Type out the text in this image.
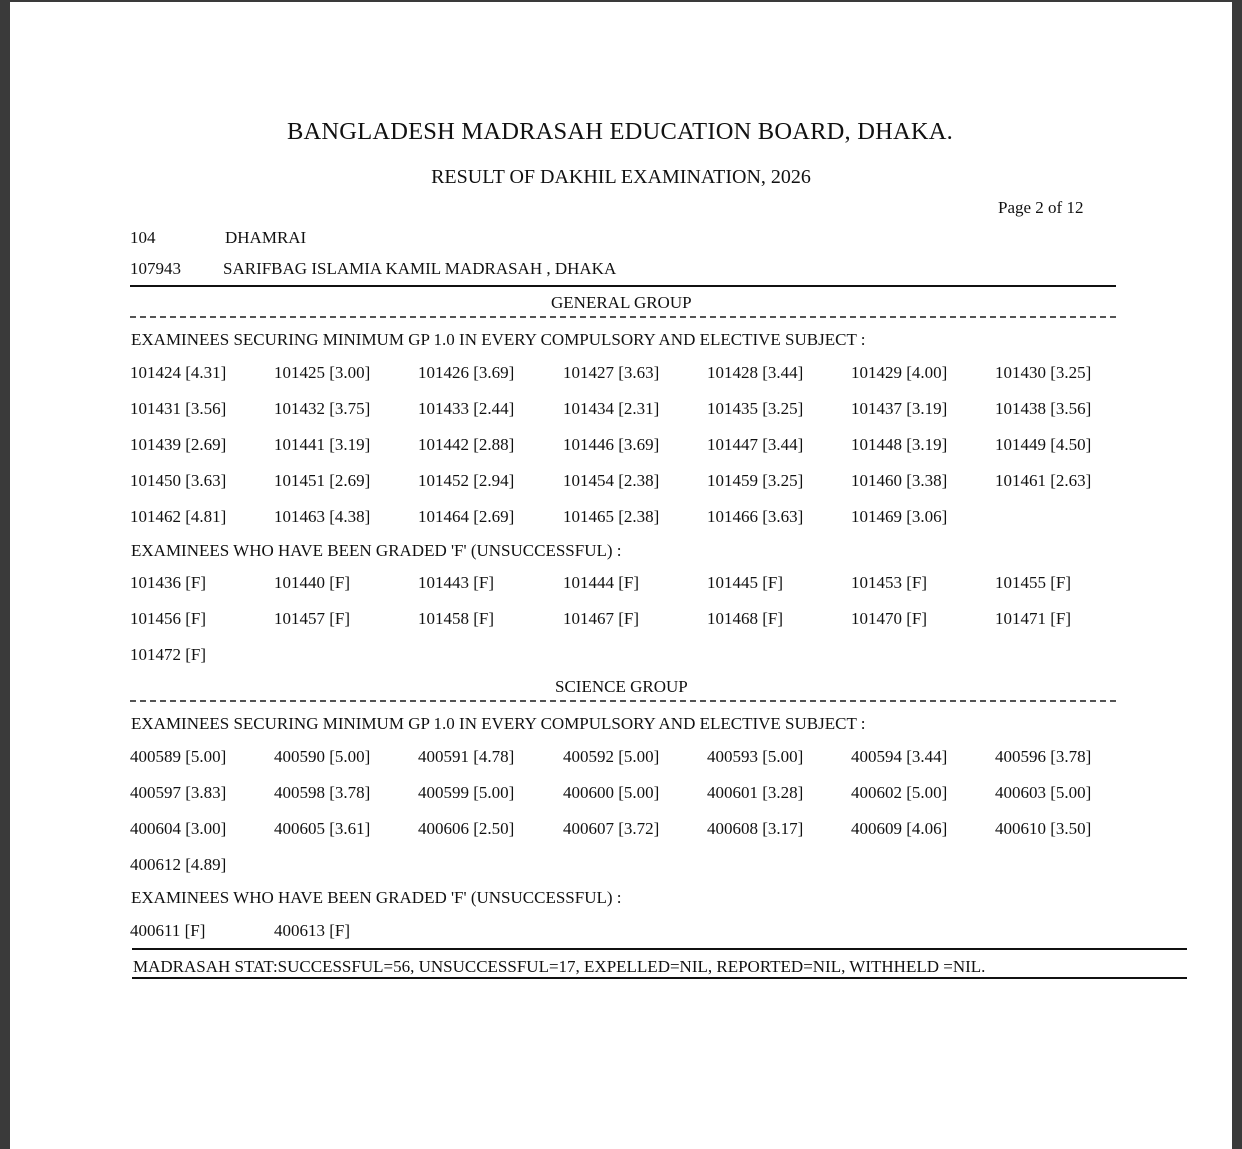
BANGLADESH MADRASAH EDUCATION BOARD, DHAKA.
RESULT OF DAKHIL EXAMINATION, 2026
Page 2 of 12
104	DHAMRAI
107943 SARIFBAG ISLAMIA KAMIL MADRASAH , DHAKA
GENERAL GROUP
EXAMINEES SECURING MINIMUM GP 1.0 IN EVERY COMPULSORY AND ELECTIVE SUBJECT :
101424 [4.31]	101425 [3.00]	101426 [3.69]	101427 [3.63]	101428 [3.44]	101429 [4.00]	101430 [3.25]
101431 [3.56]	101432 [3.75]	101433 [2.44]	101434 [2.31]	101435 [3.25]	101437 [3.19]	101438 [3.56]
101439 [2.69]	101441 [3.19]	101442 [2.88]	101446 [3.69]	101447 [3.44]	101448 [3.19]	101449 [4.50]
101450 [3.63]	101451 [2.69]	101452 [2.94]	101454 [2.38]	101459 [3.25]	101460 [3.38]	101461 [2.63]
101462 [4.81]	101463 [4.38]	101464 [2.69]	101465 [2.38]	101466 [3.63]	101469 [3.06]
EXAMINEES WHO HAVE BEEN GRADED 'F' (UNSUCCESSFUL) :
101436 [F]	101440 [F]	101443 [F]	101444 [F]	101445 [F]	101453 [F]	101455 [F]
101456 [F]	101457 [F]	101458 [F]	101467 [F]	101468 [F]	101470 [F]	101471 [F]
101472 [F]
SCIENCE GROUP
EXAMINEES SECURING MINIMUM GP 1.0 IN EVERY COMPULSORY AND ELECTIVE SUBJECT :
400589 [5.00]	400590 [5.00]	400591 [4.78]	400592 [5.00]	400593 [5.00]	400594 [3.44]	400596 [3.78]
400597 [3.83]	400598 [3.78]	400599 [5.00]	400600 [5.00]	400601 [3.28]	400602 [5.00]	400603 [5.00]
400604 [3.00]	400605 [3.61]	400606 [2.50]	400607 [3.72]	400608 [3.17]	400609 [4.06]	400610 [3.50]
400612 [4.89]
EXAMINEES WHO HAVE BEEN GRADED 'F' (UNSUCCESSFUL) :
400611 [F]	400613 [F]
MADRASAH STAT:SUCCESSFUL=56, UNSUCCESSFUL=17, EXPELLED=NIL, REPORTED=NIL, WITHHELD =NIL.
